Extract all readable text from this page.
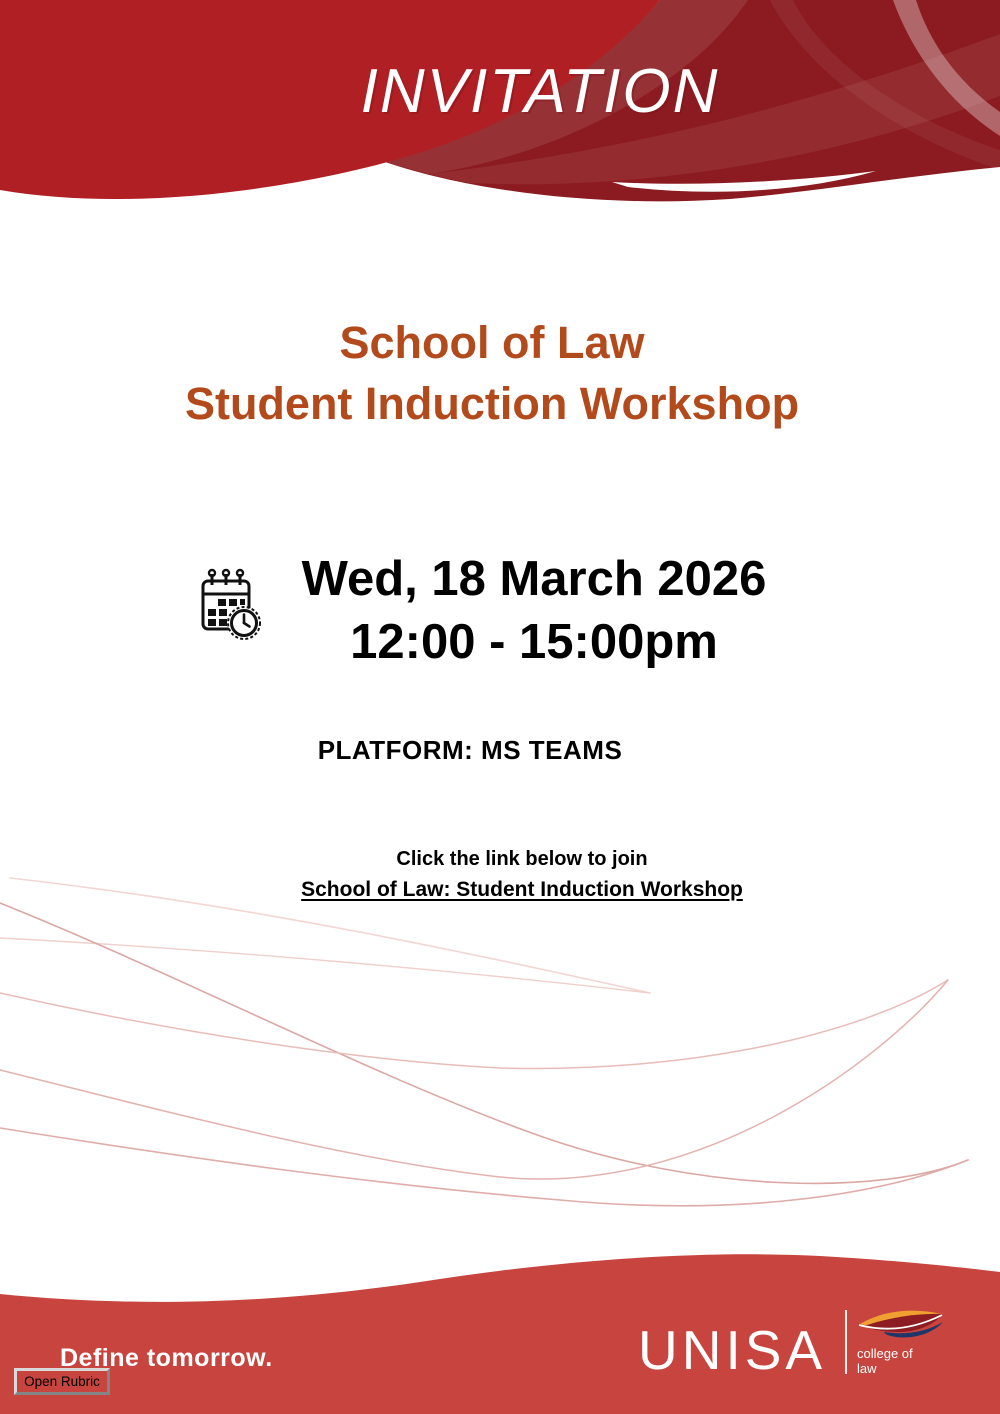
INVITATION
School of Law
Student Induction Workshop
Wed, 18 March 2026
12:00 - 15:00pm
PLATFORM: MS TEAMS
Click the link below to join
School of Law: Student Induction Workshop
Define tomorrow.
Open Rubric
UNISA college of
law
